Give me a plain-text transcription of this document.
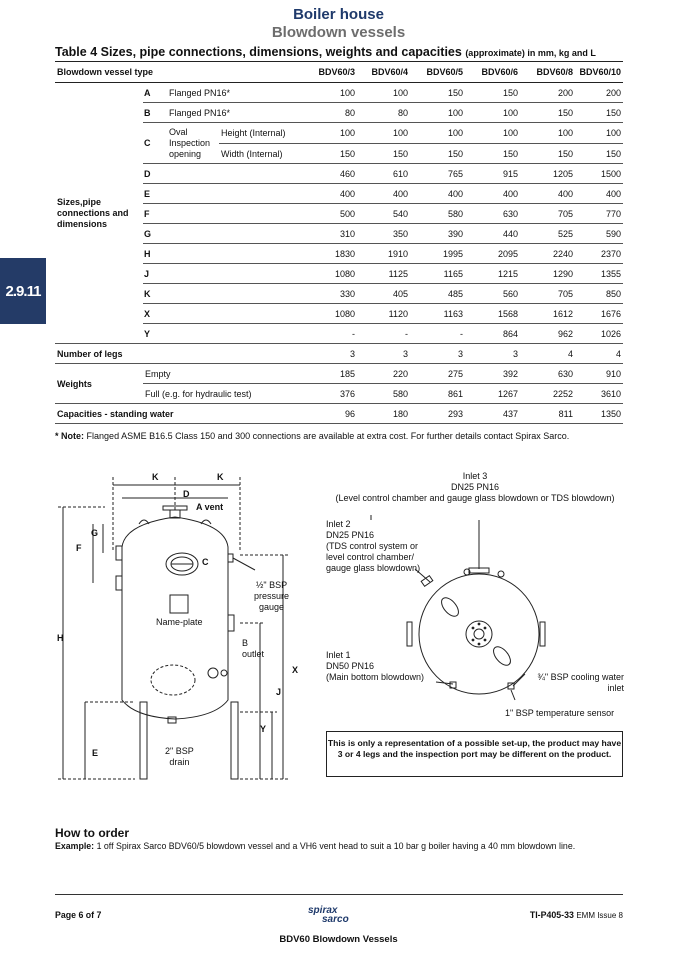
Boiler house
Blowdown vessels
2.9.11
Table 4 Sizes, pipe connections, dimensions, weights and capacities (approximate) in mm, kg and L
Blowdown vessel type				BDV60/3	BDV60/4	BDV60/5	BDV60/6	BDV60/8	BDV60/10
Sizes,pipe connections and dimensions	A	Flanged PN16*		100	100	150	150	200	200
	B	Flanged PN16*		80	80	100	100	150	150
	C	Oval Inspection opening	Height (Internal)	100	100	100	100	100	100
			Width (Internal)	150	150	150	150	150	150
	D			460	610	765	915	1205	1500
	E			400	400	400	400	400	400
	F			500	540	580	630	705	770
	G			310	350	390	440	525	590
	H			1830	1910	1995	2095	2240	2370
	J			1080	1125	1165	1215	1290	1355
	K			330	405	485	560	705	850
	X			1080	1120	1163	1568	1612	1676
	Y			-	-	-	864	962	1026
Number of legs				3	3	3	3	4	4
Weights	Empty			185	220	275	392	630	910
	Full (e.g. for hydraulic test)			376	580	861	1267	2252	3610
Capacities - standing water				96	180	293	437	811	1350
* Note: Flanged ASME B16.5 Class 150 and 300 connections are available at extra cost. For further details contact Spirax Sarco.
K	K
D
A vent
G
F
C
H
½" BSP
pressure
gauge
Name-plate
B
outlet
X
J
Y
E	2" BSP
drain
Inlet 3
DN25 PN16
(Level control chamber and gauge glass blowdown or TDS blowdown)
Inlet 2
DN25 PN16
(TDS control system or
level control chamber/
gauge glass blowdown)
Inlet 1
DN50 PN16
(Main bottom blowdown)	¾" BSP cooling water
inlet
1" BSP temperature sensor
This is only a representation of a possible set-up, the product may have 3 or 4 legs and the inspection port may be different on the product.
How to order
Example: 1 off Spirax Sarco BDV60/5 blowdown vessel and a VH6 vent head to suit a 10 bar g boiler having a 40 mm blowdown line.
Page 6 of 7	spirax
sarco	TI-P405-33 EMM Issue 8
BDV60 Blowdown Vessels
